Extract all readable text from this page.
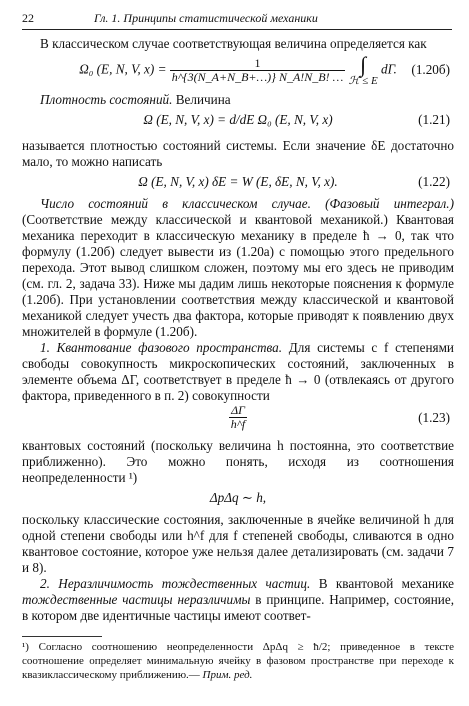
22	Гл. 1. Принципы статистической механики

В классическом случае соответствующая величина определяется как

Ω₀ (E, N, V, $x) = \frac{1}{h\^{}\{3(N\_A+N\_B+\dots)\} N\_A!N\_B! \dots}$
∫
ℋ ≤ E dΓ.	(1.20б)

Плотность состояний. Величина

Ω (E, N, V, x) = d/dE Ω₀ (E, N, V, x)	(1.21)

называется плотностью состояний системы. Если значение δE достаточно мало, то можно написать

Ω (E, N, V, x) δE = W (E, δE, N, V, x).	(1.22)

Число состояний в классическом случае. (Фазовый интеграл.) (Соответствие между классической и квантовой механикой.) Квантовая механика переходит в классическую механику в пределе ħ → 0, так что формулу (1.20б) следует вывести из (1.20а) с помощью этого предельного перехода. Этот вывод слишком сложен, поэтому мы его здесь не приводим (см. гл. 2, задача 33). Ниже мы дадим лишь некоторые пояснения к формуле (1.20б). При установлении соответствия между классической и квантовой механикой следует учесть два фактора, которые приводят к появлению двух множителей в формуле (1.20б).

1. Квантование фазового пространства. Для системы с f степенями свободы совокупность микроскопических состояний, заключенных в элементе объема ΔΓ, соответствует в пределе ħ → 0 (отвлекаясь от другого фактора, приведенного в п. 2) совокупности

$\frac{\Delta\Gamma}{h\^{}f}$	(1.23)

квантовых состояний (поскольку величина h постоянна, это соответствие приближенно). Это можно понять, исходя из соотношения неопределенности ¹)

ΔpΔq ∼ h,

поскольку классические состояния, заключенные в ячейке величиной h для одной степени свободы или h^f для f степеней свободы, сливаются в одно квантовое состояние, которое уже нельзя далее детализировать (см. задачи 7 и 8).

2. Неразличимость тождественных частиц. В квантовой механике тождественные частицы неразличимы в принципе. Например, состояние, в котором две идентичные частицы имеют соответ-

¹) Согласно соотношению неопределенности ΔpΔq ≥ ħ/2; приведенное в тексте соотношение определяет минимальную ячейку в фазовом пространстве при переходе к квазиклассическому приближению.— Прим. ред.
